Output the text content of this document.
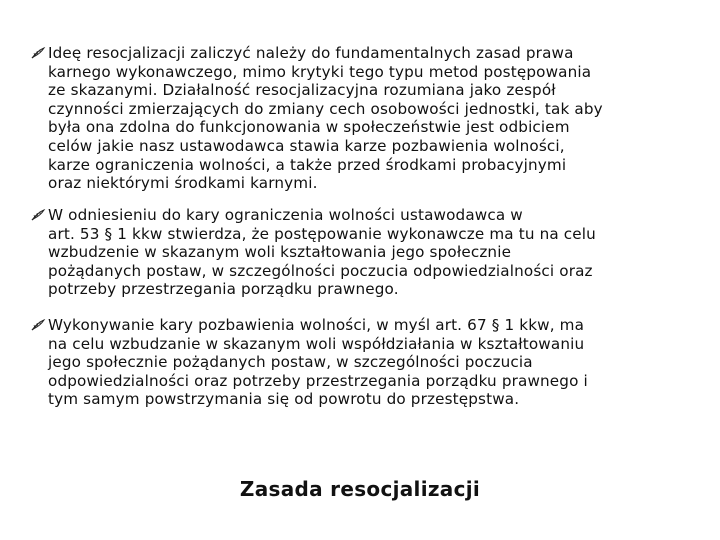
Ideę resocjalizacji zaliczyć należy do fundamentalnych zasad prawa
karnego wykonawczego, mimo krytyki tego typu metod postępowania
ze skazanymi. Działalność resocjalizacyjna rozumiana jako zespół
czynności zmierzających do zmiany cech osobowości jednostki, tak aby
była ona zdolna do funkcjonowania w społeczeństwie jest odbiciem
celów jakie nasz ustawodawca stawia karze pozbawienia wolności,
karze ograniczenia wolności, a także przed środkami probacyjnymi
oraz niektórymi środkami karnymi.

W odniesieniu do kary ograniczenia wolności ustawodawca w
art. 53 § 1 kkw stwierdza, że postępowanie wykonawcze ma tu na celu
wzbudzenie w skazanym woli kształtowania jego społecznie
pożądanych postaw, w szczególności poczucia odpowiedzialności oraz
potrzeby przestrzegania porządku prawnego.

Wykonywanie kary pozbawienia wolności, w myśl art. 67 § 1 kkw, ma
na celu wzbudzanie w skazanym woli współdziałania w kształtowaniu
jego społecznie pożądanych postaw, w szczególności poczucia
odpowiedzialności oraz potrzeby przestrzegania porządku prawnego i
tym samym powstrzymania się od powrotu do przestępstwa.

Zasada resocjalizacji
